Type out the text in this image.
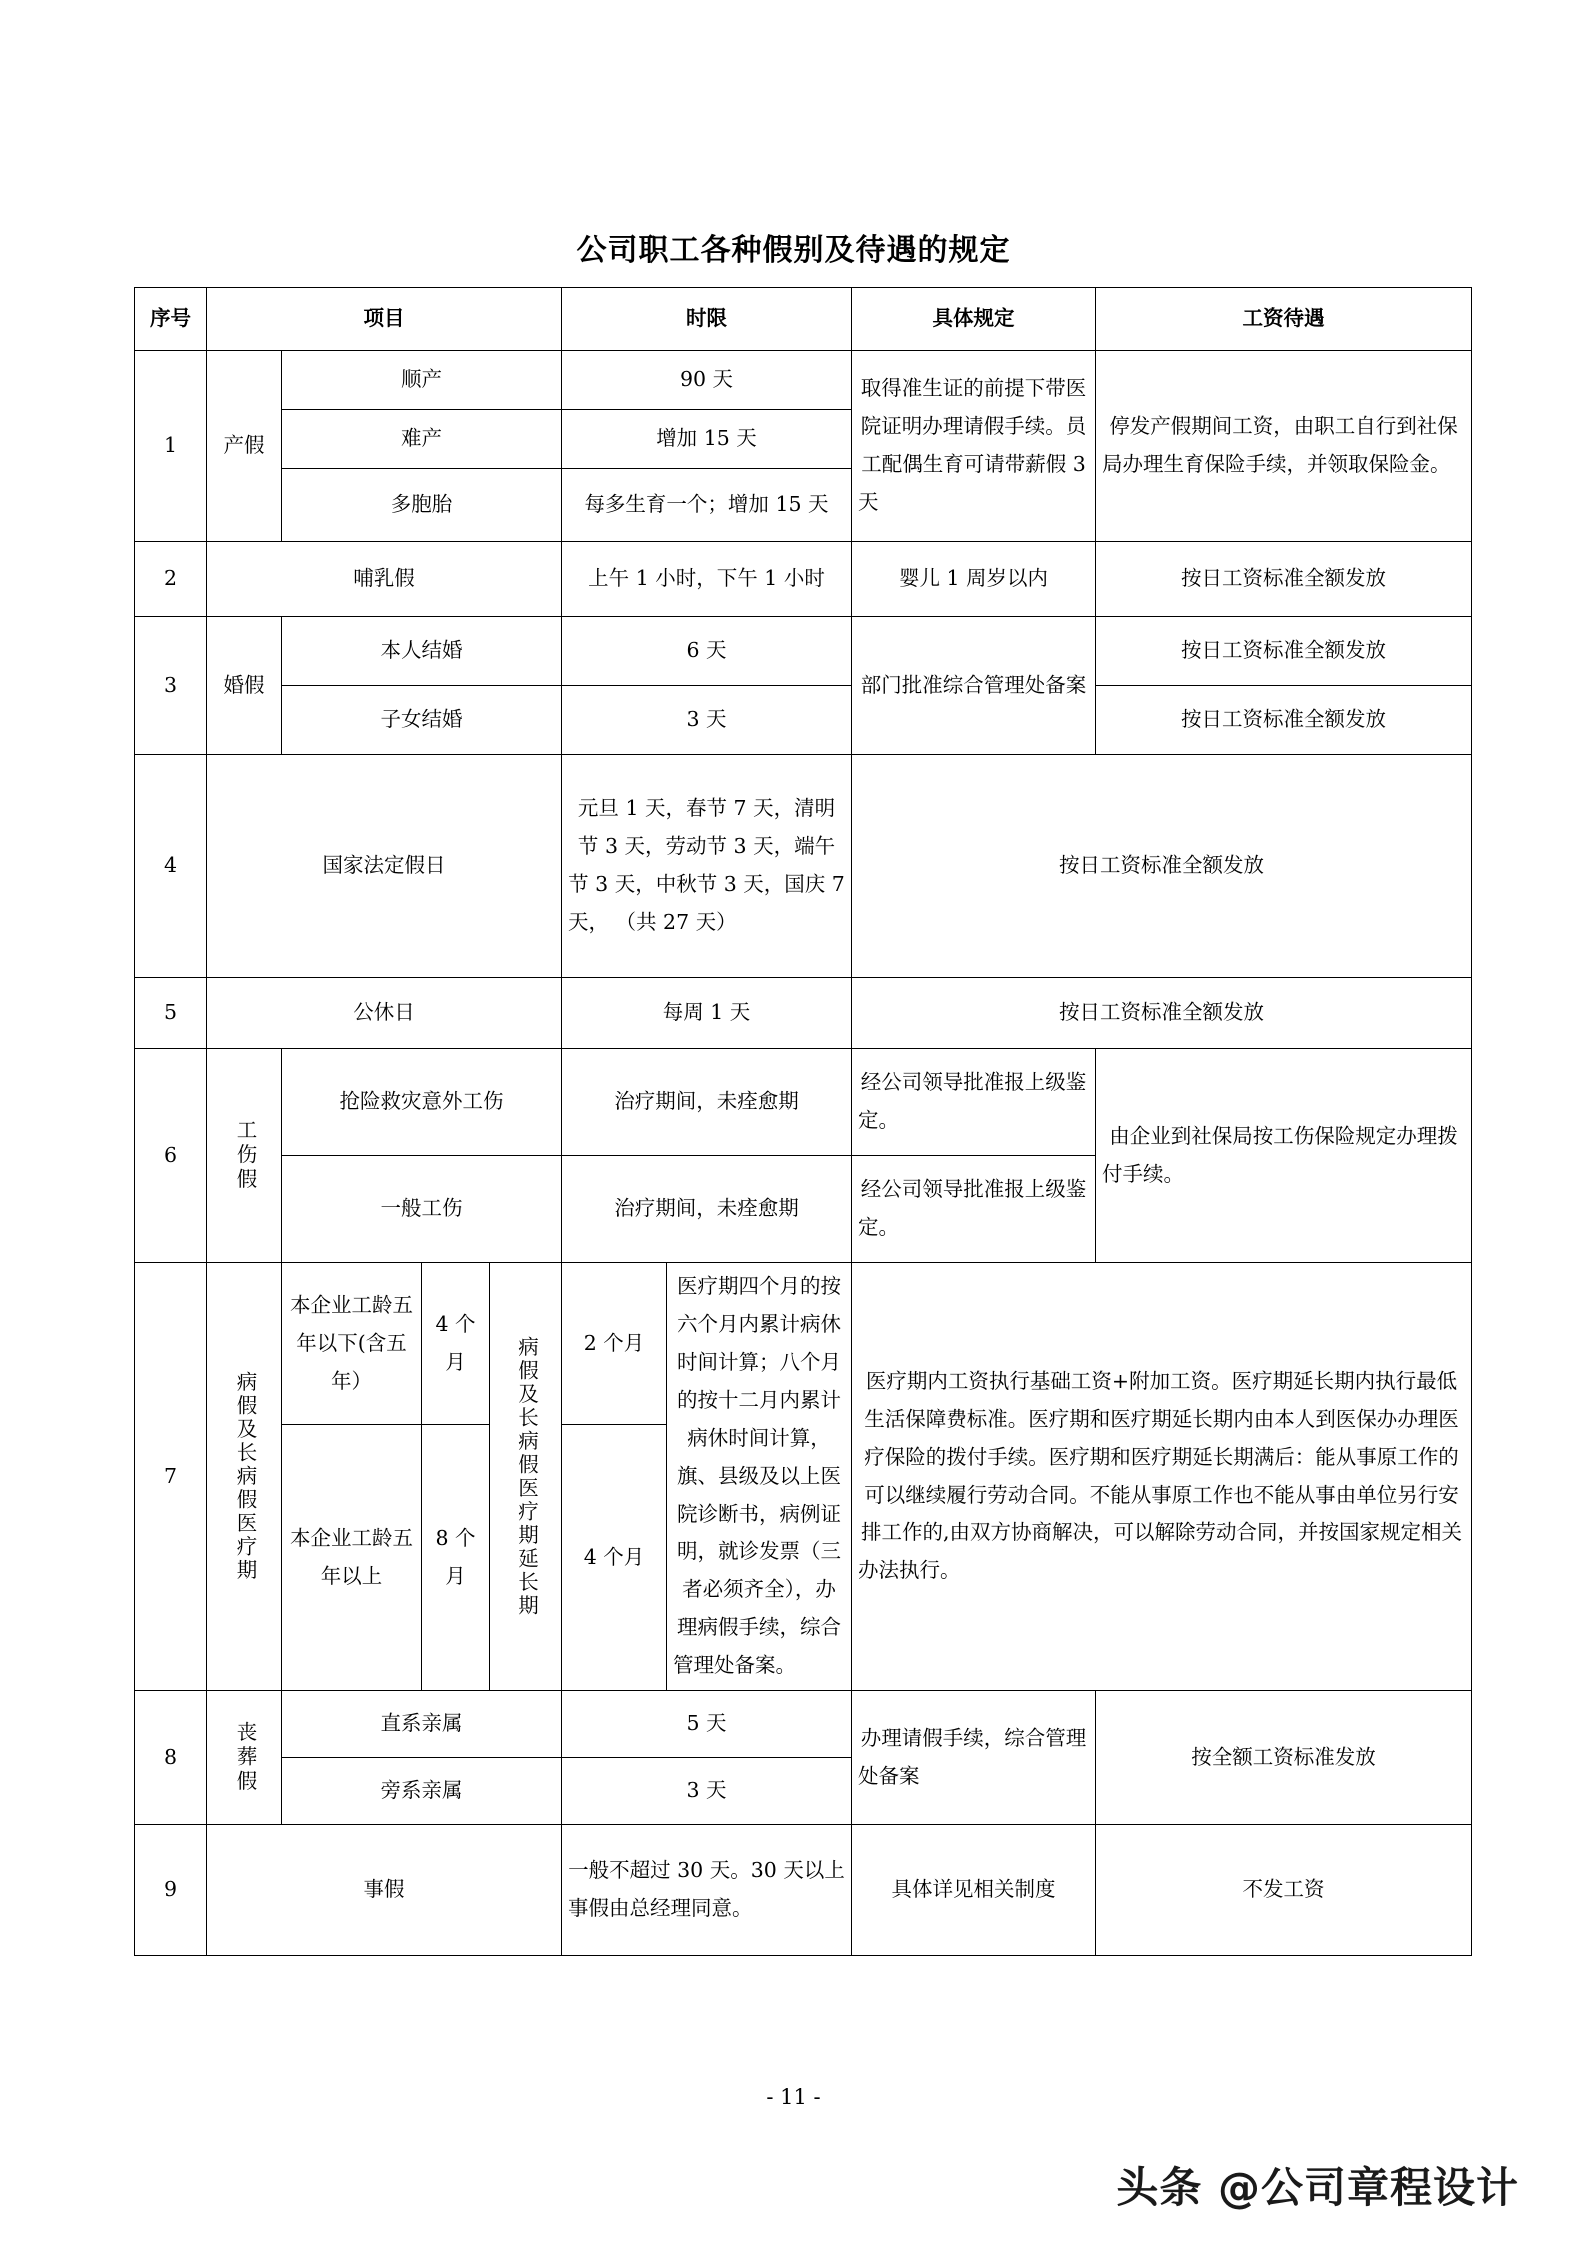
公司职工各种假别及待遇的规定
序号	项目				时限		具体规定	工资待遇
1	产假	顺产			90 天		取得准生证的前提下带医院证明办理请假手续。员工配偶生育可请带薪假 3 天	停发产假期间工资，由职工自行到社保局办理生育保险手续，并领取保险金。
		难产			增加 15 天			
		多胞胎			每多生育一个；增加 15 天			
2	哺乳假				上午 1 小时，下午 1 小时		婴儿 1 周岁以内	按日工资标准全额发放
3	婚假	本人结婚			6 天		部门批准综合管理处备案	按日工资标准全额发放
		子女结婚			3 天			按日工资标准全额发放
4	国家法定假日				元旦 1 天，春节 7 天，清明节 3 天，劳动节 3 天，端午节 3 天，中秋节 3 天，国庆 7 天， （共 27 天）		按日工资标准全额发放	
5	公休日				每周 1 天		按日工资标准全额发放	
6	工伤假	抢险救灾意外工伤			治疗期间，未痊愈期		经公司领导批准报上级鉴定。	由企业到社保局按工伤保险规定办理拨付手续。
		一般工伤			治疗期间，未痊愈期		经公司领导批准报上级鉴定。	
7	病假及长病假医疗期	本企业工龄五年以下(含五年）	4 个月	病假及长病假医疗期延长期	2 个月	医疗期四个月的按六个月内累计病休时间计算；八个月的按十二月内累计病休时间计算，旗、县级及以上医院诊断书，病例证明，就诊发票（三者必须齐全），办理病假手续，综合管理处备案。	医疗期内工资执行基础工资+附加工资。医疗期延长期内执行最低生活保障费标准。医疗期和医疗期延长期内由本人到医保办办理医疗保险的拨付手续。医疗期和医疗期延长期满后：能从事原工作的可以继续履行劳动合同。不能从事原工作也不能从事由单位另行安排工作的,由双方协商解决，可以解除劳动合同，并按国家规定相关办法执行。	
		本企业工龄五年以上	8 个月		4 个月			
8	丧葬假	直系亲属			5 天		办理请假手续，综合管理处备案	按全额工资标准发放
		旁系亲属			3 天			
9	事假				一般不超过 30 天。30 天以上事假由总经理同意。		具体详见相关制度	不发工资
- 11 -
头条 @公司章程设计
